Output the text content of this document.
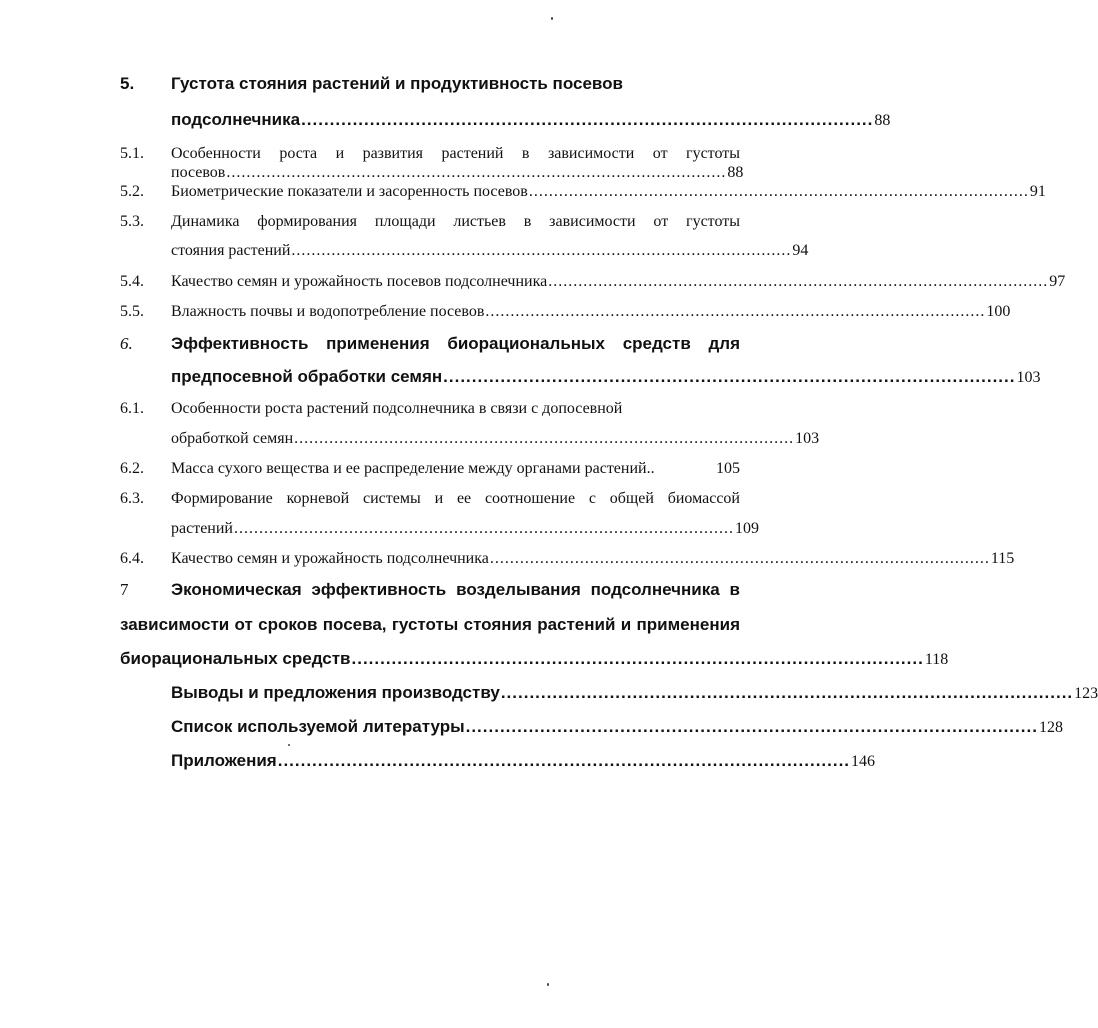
5. Густота стояния растений и продуктивность посевов
подсолнечника .................................................................................................... 88
5.1. Особенности роста и развития растений в зависимости от густоты
посевов .................................................................................................... 88
5.2. Биометрические показатели и засоренность посевов .................................................................................................... 91
5.3. Динамика формирования площади листьев в зависимости от густоты
стояния растений .................................................................................................... 94
5.4. Качество семян и урожайность посевов подсолнечника .................................................................................................... 97
5.5. Влажность почвы и водопотребление посевов .................................................................................................... 100
6. Эффективность применения биорациональных средств для
предпосевной обработки семян .................................................................................................... 103
6.1. Особенности роста растений подсолнечника в связи с допосевной
обработкой семян .................................................................................................... 103
6.2. Масса сухого вещества и ее распределение между органами растений..	105
6.3. Формирование корневой системы и ее соотношение с общей биомассой
растений .................................................................................................... 109
6.4. Качество семян и урожайность подсолнечника .................................................................................................... 115
7	Экономическая эффективность возделывания подсолнечника в
зависимости от сроков посева, густоты стояния растений и применения
биорациональных средств .................................................................................................... 118
Выводы и предложения производству .................................................................................................... 123
Список используемой литературы .................................................................................................... 128
Приложения .................................................................................................... 146
